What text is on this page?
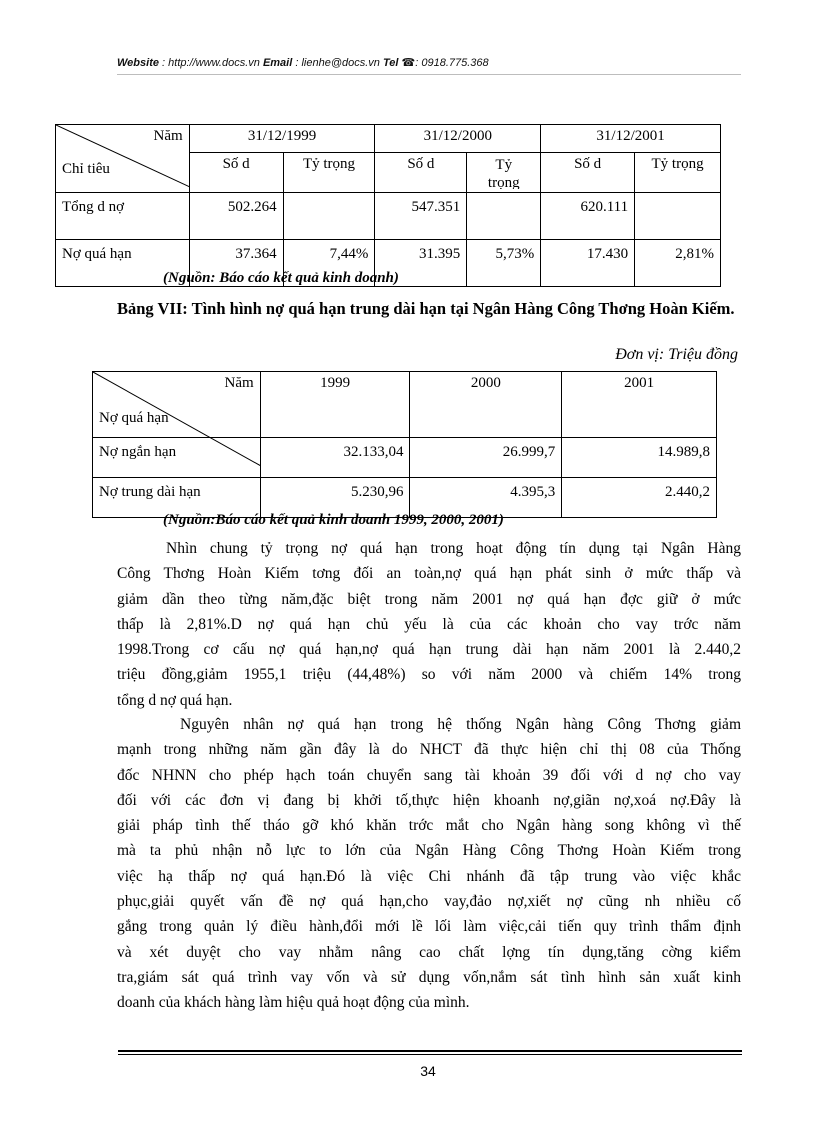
Website : http://www.docs.vn Email : lienhe@docs.vn Tel ☎: 0918.775.368
Năm
Chỉ tiêu	31/12/1999		31/12/2000		31/12/2001	
	Số d	Tỷ trọng	Số d	Tỷ trọng	Số d	Tỷ trọng
Tổng d nợ	502.264		547.351		620.111	
Nợ quá hạn	37.364	7,44%	31.395	5,73%	17.430	2,81%
(Nguồn: Báo cáo kết quả kinh doanh)
Bảng VII: Tình hình nợ quá hạn trung dài hạn tại Ngân Hàng Công Thơng Hoàn Kiếm.
Đơn vị: Triệu đồng
Năm
Nợ quá hạn	1999	2000	2001
Nợ ngắn hạn	32.133,04	26.999,7	14.989,8
Nợ trung dài hạn	5.230,96	4.395,3	2.440,2
(Nguồn:Báo cáo kết quả kinh doanh 1999, 2000, 2001)
Nhìn chung tỷ trọng nợ quá hạn trong hoạt động tín dụng tại Ngân Hàng
Công Thơng Hoàn Kiếm tơng đối an toàn,nợ quá hạn phát sinh ở mức thấp và
giảm dần theo từng năm,đặc biệt trong năm 2001 nợ quá hạn đợc giữ ở mức
thấp là 2,81%.D nợ quá hạn chủ yếu là của các khoản cho vay trớc năm
1998.Trong cơ cấu nợ quá hạn,nợ quá hạn trung dài hạn năm 2001 là 2.440,2
triệu đồng,giảm 1955,1 triệu (44,48%) so với năm 2000 và chiếm 14% trong
tổng d nợ quá hạn.
Nguyên nhân nợ quá hạn trong hệ thống Ngân hàng Công Thơng giảm
mạnh trong những năm gần đây là do NHCT đã thực hiện chỉ thị 08 của Thống
đốc NHNN cho phép hạch toán chuyển sang tài khoản 39 đối với d nợ cho vay
đối với các đơn vị đang bị khởi tố,thực hiện khoanh nợ,giãn nợ,xoá nợ.Đây là
giải pháp tình thế tháo gỡ khó khăn trớc mắt cho Ngân hàng song không vì thế
mà ta phủ nhận nỗ lực to lớn của Ngân Hàng Công Thơng Hoàn Kiếm trong
việc hạ thấp nợ quá hạn.Đó là việc Chi nhánh đã tập trung vào việc khắc
phục,giải quyết vấn đề nợ quá hạn,cho vay,đảo nợ,xiết nợ cũng nh nhiều cố
gắng trong quản lý điều hành,đổi mới lề lối làm việc,cải tiến quy trình thẩm định
và xét duyệt cho vay nhằm nâng cao chất lợng tín dụng,tăng cờng kiểm
tra,giám sát quá trình vay vốn và sử dụng vốn,nắm sát tình hình sản xuất kinh
doanh của khách hàng làm hiệu quả hoạt động của mình.
34
